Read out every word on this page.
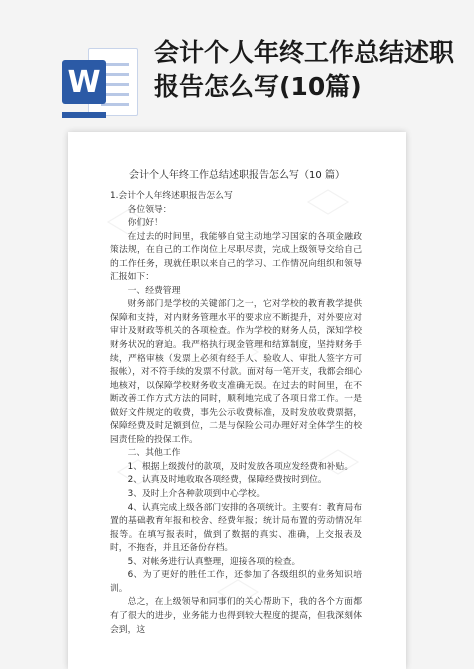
W
会计个人年终工作总结述职报告怎么写(10篇)
会计个人年终工作总结述职报告怎么写（10 篇）

1.会计个人年终述职报告怎么写

各位领导：

你们好！

在过去的时间里，我能够自觉主动地学习国家的各项金融政策法规，在自己的工作岗位上尽职尽责，完成上级领导交给自己的工作任务，现就任职以来自己的学习、工作情况向组织和领导汇报如下：

一、经费管理

财务部门是学校的关键部门之一，它对学校的教育教学提供保障和支持，对内财务管理水平的要求应不断提升，对外要应对审计及财政等机关的各项检查。作为学校的财务人员，深知学校财务状况的窘迫。我严格执行现金管理和结算制度，坚持财务手续，严格审核（发票上必须有经手人、验收人、审批人签字方可报帐），对不符手续的发票不付款。面对每一笔开支，我都会细心地核对，以保障学校财务收支准确无误。在过去的时间里，在不断改善工作方式方法的同时，顺利地完成了各项日常工作。一是做好文件规定的收费，事先公示收费标准，及时发放收费票据，保障经费及时足额到位，二是与保险公司办理好对全体学生的校园责任险的投保工作。

二、其他工作

1、根据上级拨付的款项，及时发放各项应发经费和补贴。

2、认真及时地收取各项经费，保障经费按时到位。

3、及时上介各种款项到中心学校。

4、认真完成上级各部门安排的各项统计。主要有：教育局布置的基础教育年报和校舍、经费年报；统计局布置的劳动情况年报等。在填写报表时，做到了数据的真实、准确，上交报表及时，不拖沓，并且还备份存档。

5、对帐务进行认真整理，迎接各项的检查。

6、为了更好的胜任工作，还参加了各级组织的业务知识培训。

总之，在上级领导和同事们的关心帮助下，我的各个方面都有了很大的进步，业务能力也得到较大程度的提高，但我深刻体会到，这
